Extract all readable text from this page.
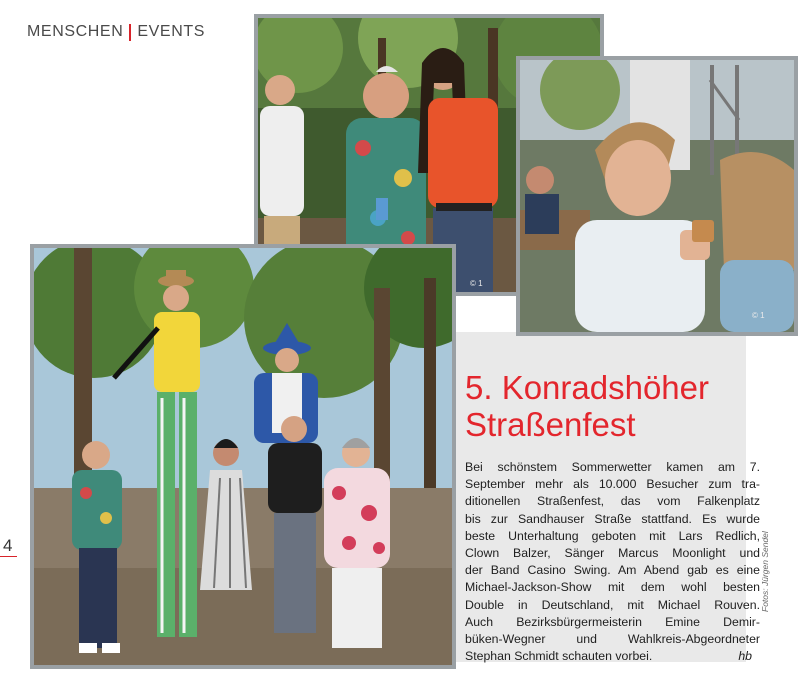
MENSCHEN EVENTS
4
© 1
© 1
5. Konradshöher
Straßenfest
Bei schönstem Sommerwetter kamen am 7.
September mehr als 10.000 Besucher zum tra-
ditionellen Straßenfest, das vom Falkenplatz
bis zur Sandhauser Straße stattfand. Es wurde
beste Unterhaltung geboten mit Lars Redlich,
Clown Balzer, Sänger Marcus Moonlight und
der Band Casino Swing. Am Abend gab es eine
Michael-Jackson-Show mit dem wohl besten
Double in Deutschland, mit Michael Rouven.
Auch Bezirksbürgermeisterin Emine Demir-
büken-Wegner und Wahlkreis-Abgeordneter
Stephan Schmidt schauten vorbei.	hb
Fotos: Jürgen Sendel
